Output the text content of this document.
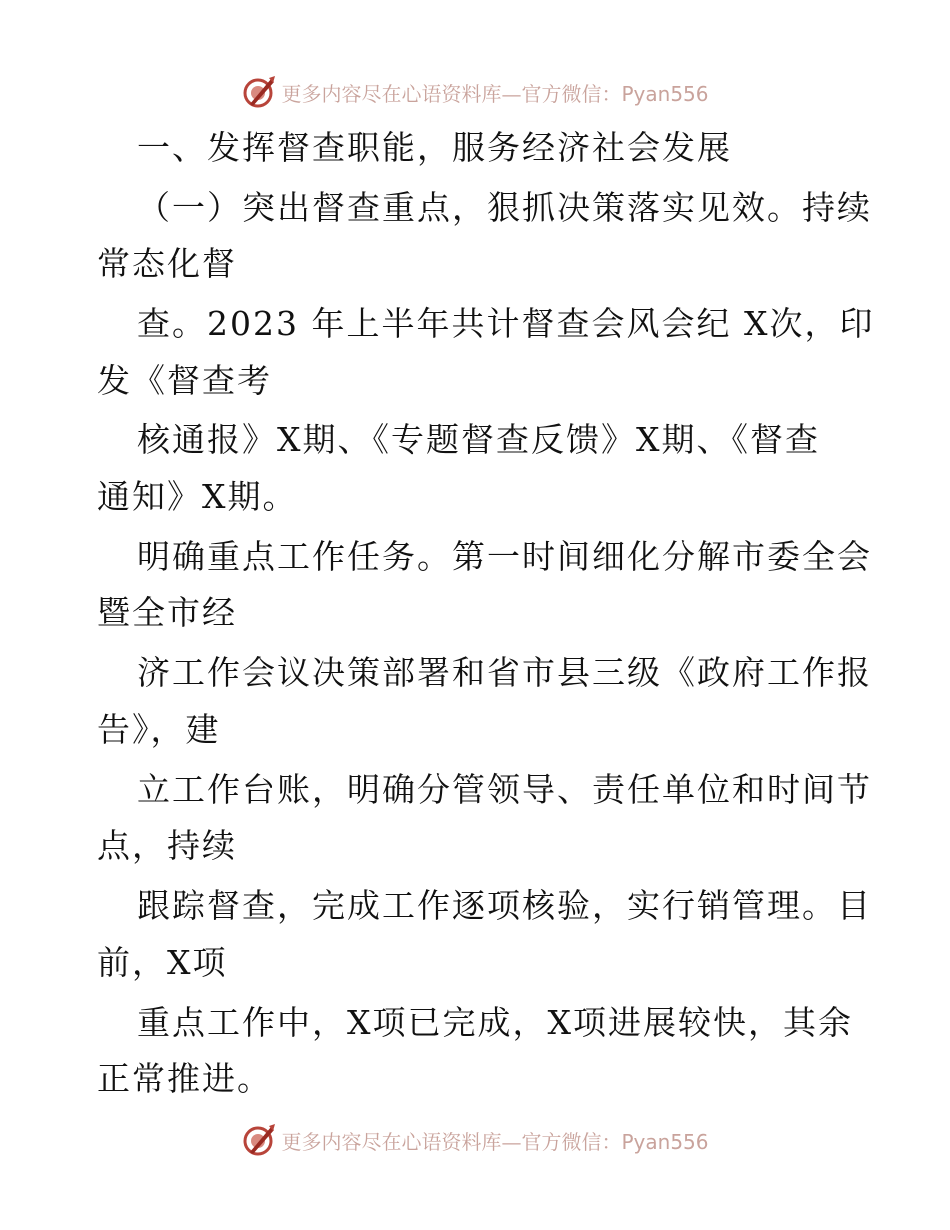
更多内容尽在心语资料库—官方微信：Pyan556
一、发挥督查职能，服务经济社会发展
（一）突出督查重点，狠抓决策落实见效。持续
常态化督
查。2023 年上半年共计督查会风会纪 X次，印
发《督查考
核通报》X期、《专题督查反馈》X期、《督查
通知》X期。
明确重点工作任务。第一时间细化分解市委全会
暨全市经
济工作会议决策部署和省市县三级《政府工作报
告》，建
立工作台账，明确分管领导、责任单位和时间节
点，持续
跟踪督查，完成工作逐项核验，实行销管理。目
前，X项
重点工作中，X项已完成，X项进展较快，其余
正常推进。
更多内容尽在心语资料库—官方微信：Pyan556
